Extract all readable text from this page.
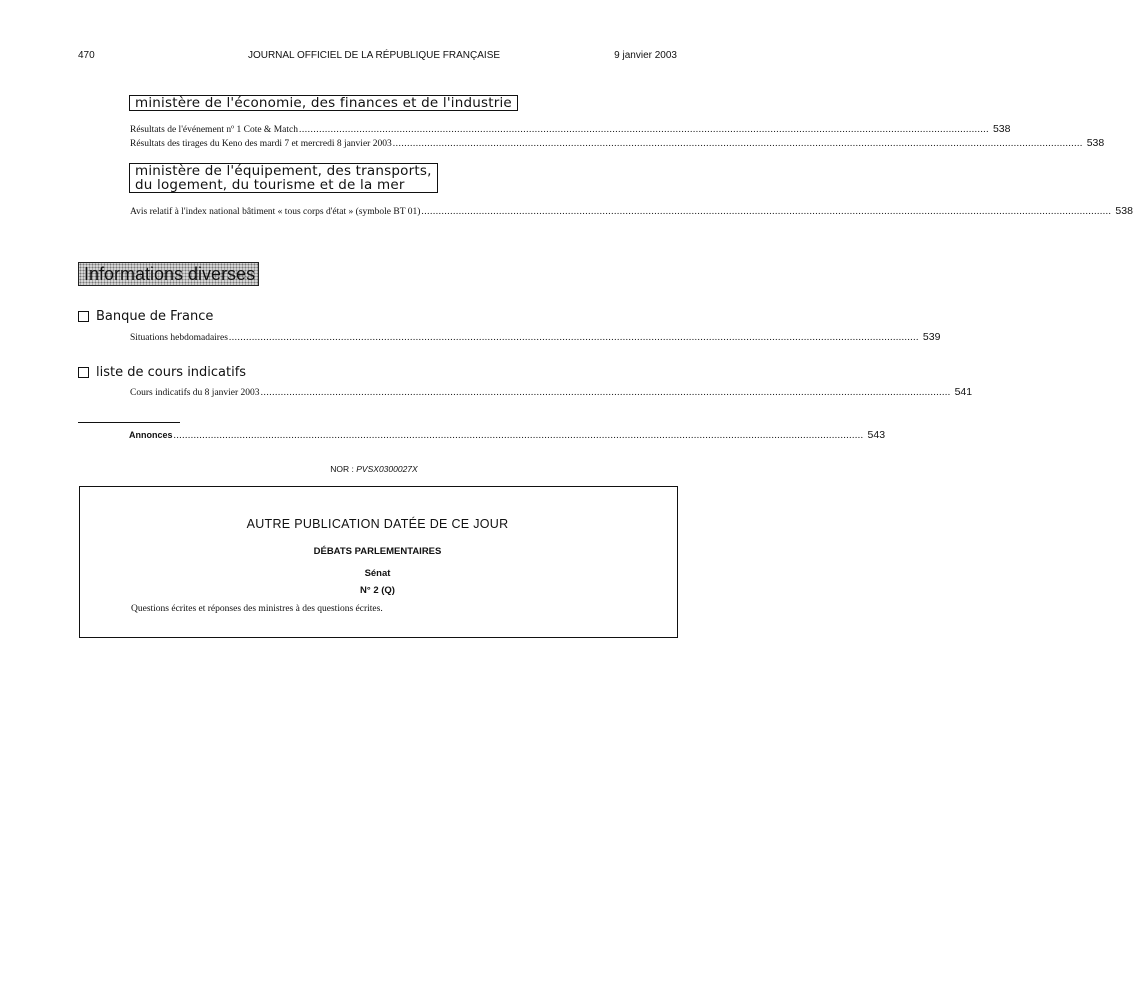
470	JOURNAL OFFICIEL DE LA RÉPUBLIQUE FRANÇAISE	9 janvier 2003
ministère de l'économie, des finances et de l'industrie
Résultats de l'événement nº 1 Cote & Match ................................................................................................................................................................................................................................................ 538
Résultats des tirages du Keno des mardi 7 et mercredi 8 janvier 2003 ................................................................................................................................................................................................................................................ 538
ministère de l'équipement, des transports,
du logement, du tourisme et de la mer
Avis relatif à l'index national bâtiment « tous corps d'état » (symbole BT 01) ................................................................................................................................................................................................................................................ 538
Informations diverses
Banque de France
Situations hebdomadaires ................................................................................................................................................................................................................................................ 539
liste de cours indicatifs
Cours indicatifs du 8 janvier 2003 ................................................................................................................................................................................................................................................ 541
Annonces ................................................................................................................................................................................................................................................ 543
NOR : PVSX0300027X
AUTRE PUBLICATION DATÉE DE CE JOUR
DÉBATS PARLEMENTAIRES
Sénat
N° 2 (Q)
Questions écrites et réponses des ministres à des questions écrites.
